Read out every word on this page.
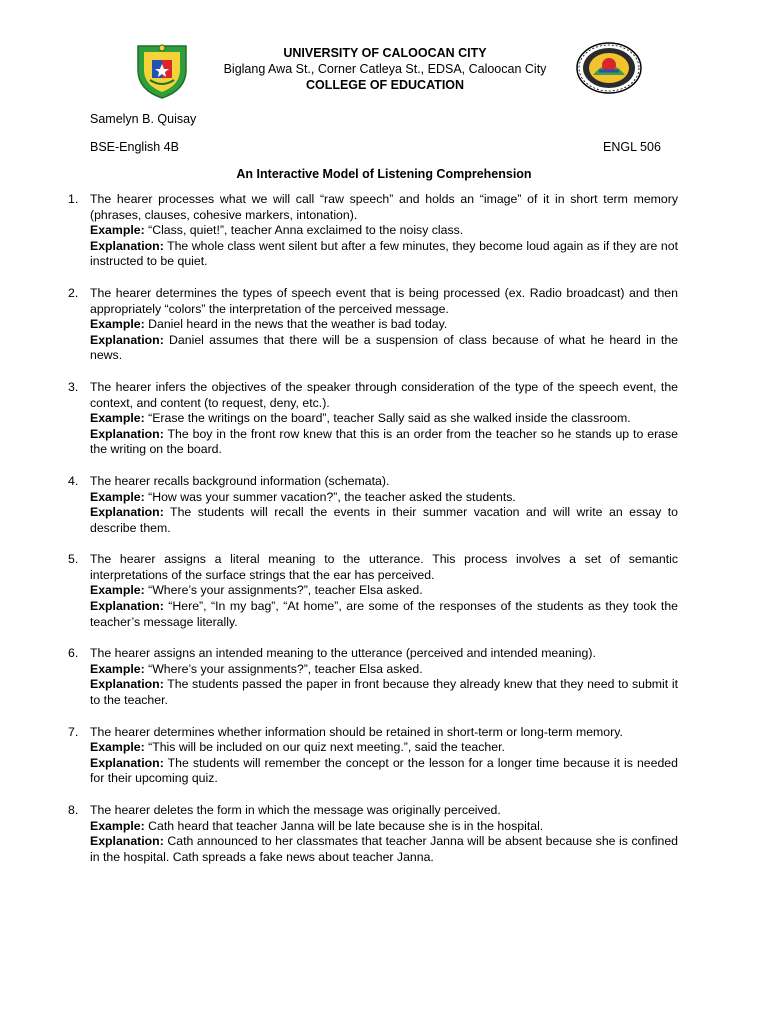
UNIVERSITY OF CALOOCAN CITY
Biglang Awa St., Corner Catleya St., EDSA, Caloocan City
COLLEGE OF EDUCATION
Samelyn B. Quisay
BSE-English 4B	ENGL 506
An Interactive Model of Listening Comprehension
1. The hearer processes what we will call “raw speech” and holds an “image” of it in short term memory (phrases, clauses, cohesive markers, intonation).

Example: “Class, quiet!”, teacher Anna exclaimed to the noisy class.

Explanation: The whole class went silent but after a few minutes, they become loud again as if they are not instructed to be quiet.

2. The hearer determines the types of speech event that is being processed (ex. Radio broadcast) and then appropriately “colors” the interpretation of the perceived message.

Example: Daniel heard in the news that the weather is bad today.

Explanation: Daniel assumes that there will be a suspension of class because of what he heard in the news.

3. The hearer infers the objectives of the speaker through consideration of the type of the speech event, the context, and content (to request, deny, etc.).

Example: “Erase the writings on the board”, teacher Sally said as she walked inside the classroom.

Explanation: The boy in the front row knew that this is an order from the teacher so he stands up to erase the writing on the board.

4. The hearer recalls background information (schemata).

Example: “How was your summer vacation?”, the teacher asked the students.

Explanation: The students will recall the events in their summer vacation and will write an essay to describe them.

5. The hearer assigns a literal meaning to the utterance. This process involves a set of semantic interpretations of the surface strings that the ear has perceived.

Example: “Where’s your assignments?”, teacher Elsa asked.

Explanation: “Here”, “In my bag”, “At home”, are some of the responses of the students as they took the teacher’s message literally.

6. The hearer assigns an intended meaning to the utterance (perceived and intended meaning).

Example: “Where’s your assignments?”, teacher Elsa asked.

Explanation: The students passed the paper in front because they already knew that they need to submit it to the teacher.

7. The hearer determines whether information should be retained in short-term or long-term memory.

Example: “This will be included on our quiz next meeting.”, said the teacher.

Explanation: The students will remember the concept or the lesson for a longer time because it is needed for their upcoming quiz.

8. The hearer deletes the form in which the message was originally perceived.

Example: Cath heard that teacher Janna will be late because she is in the hospital.

Explanation: Cath announced to her classmates that teacher Janna will be absent because she is confined in the hospital. Cath spreads a fake news about teacher Janna.
